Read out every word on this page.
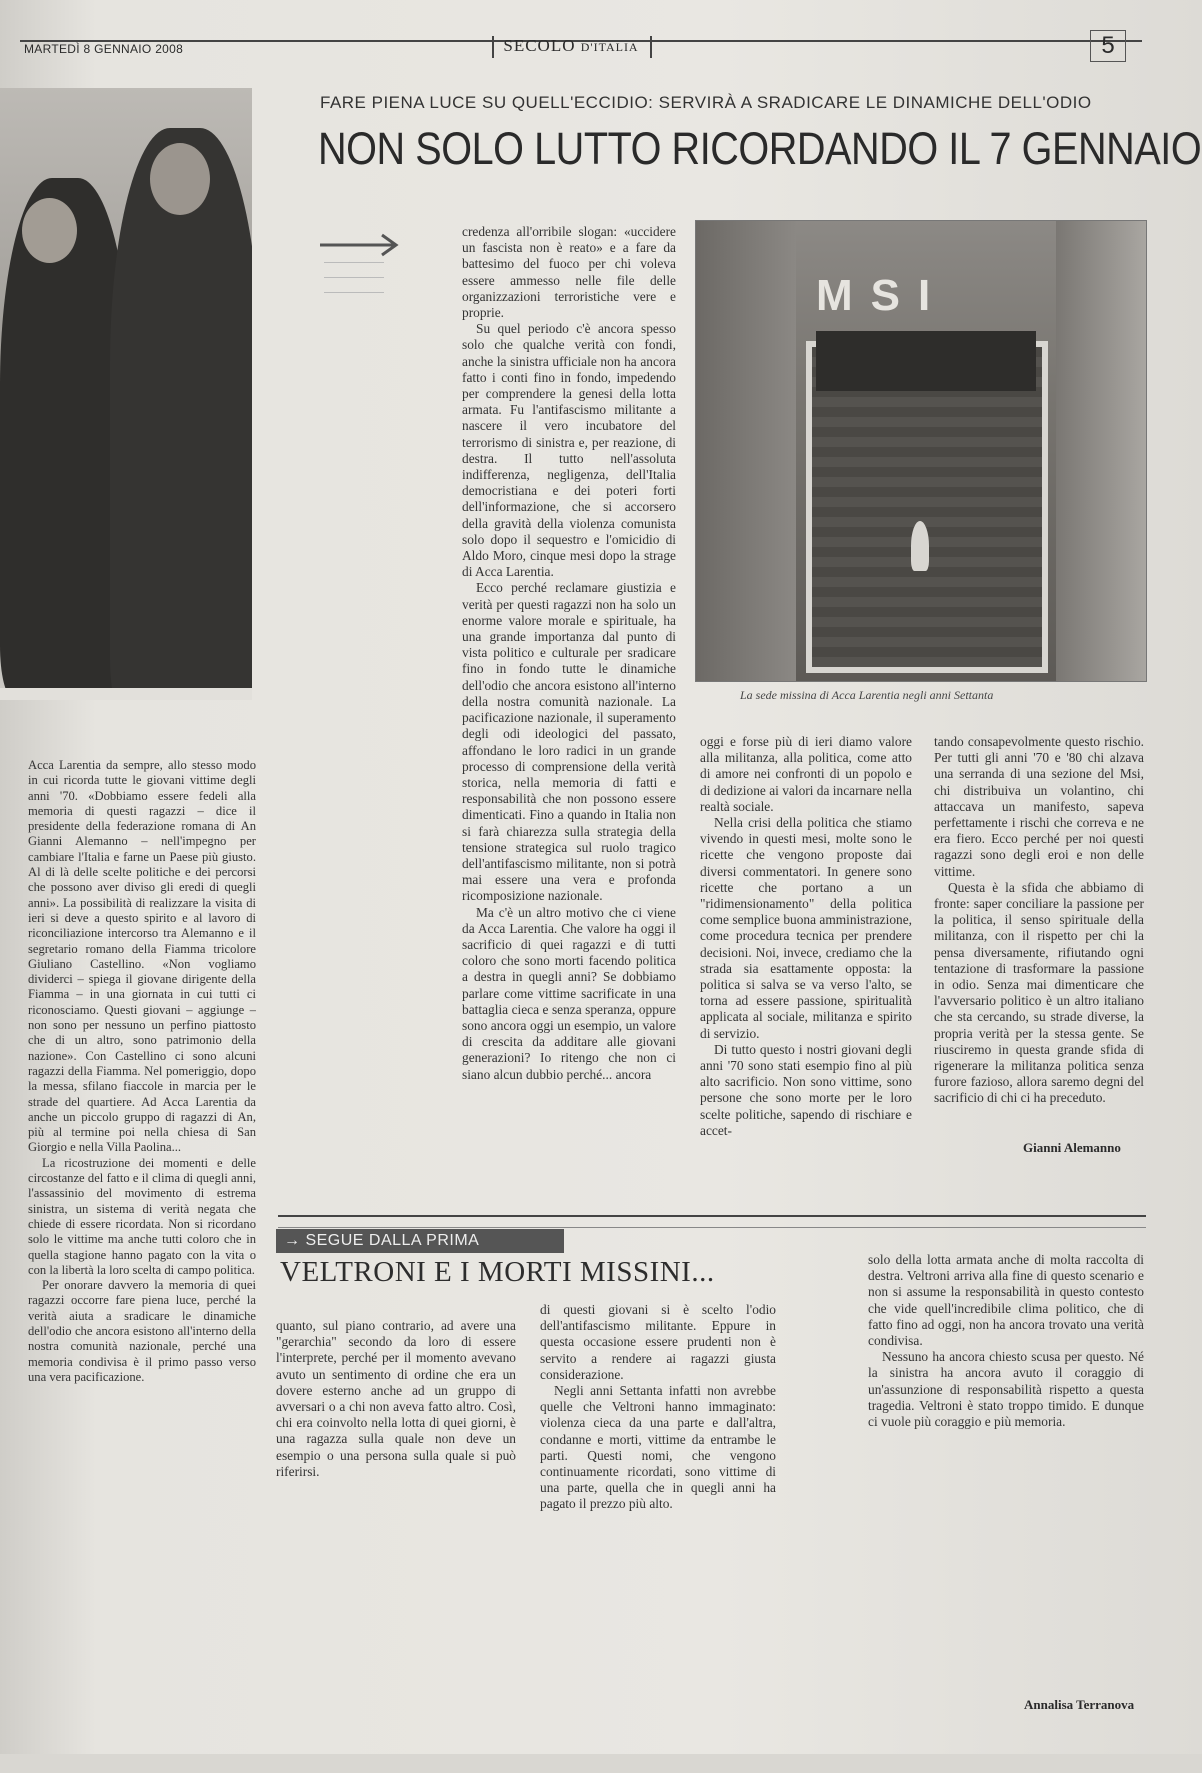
MARTEDÌ 8 GENNAIO 2008	SECOLO D'ITALIA	5
FARE PIENA LUCE SU QUELL'ECCIDIO: SERVIRÀ A SRADICARE LE DINAMICHE DELL'ODIO
NON SOLO LUTTO RICORDANDO IL 7 GENNAIO
MSI
La sede missina di Acca Larentia negli anni Settanta

Acca Larentia da sempre, allo stesso modo in cui ricorda tutte le giovani vittime degli anni '70. «Dobbiamo essere fedeli alla memoria di questi ragazzi – dice il presidente della federazione romana di An Gianni Alemanno – nell'impegno per cambiare l'Italia e farne un Paese più giusto. Al di là delle scelte politiche e dei percorsi che possono aver diviso gli eredi di quegli anni». La possibilità di realizzare la visita di ieri si deve a questo spirito e al lavoro di riconciliazione intercorso tra Alemanno e il segretario romano della Fiamma tricolore Giuliano Castellino. «Non vogliamo dividerci – spiega il giovane dirigente della Fiamma – in una giornata in cui tutti ci riconosciamo. Questi giovani – aggiunge – non sono per nessuno un perfino piattosto che di un altro, sono patrimonio della nazione». Con Castellino ci sono alcuni ragazzi della Fiamma. Nel pomeriggio, dopo la messa, sfilano fiaccole in marcia per le strade del quartiere. Ad Acca Larentia da anche un piccolo gruppo di ragazzi di An, più al termine poi nella chiesa di San Giorgio e nella Villa Paolina...

La ricostruzione dei momenti e delle circostanze del fatto e il clima di quegli anni, l'assassinio del movimento di estrema sinistra, un sistema di verità negata che chiede di essere ricordata. Non si ricordano solo le vittime ma anche tutti coloro che in quella stagione hanno pagato con la vita o con la libertà la loro scelta di campo politica.

Per onorare davvero la memoria di quei ragazzi occorre fare piena luce, perché la verità aiuta a sradicare le dinamiche dell'odio che ancora esistono all'interno della nostra comunità nazionale, perché una memoria condivisa è il primo passo verso una vera pacificazione.

credenza all'orribile slogan: «uccidere un fascista non è reato» e a fare da battesimo del fuoco per chi voleva essere ammesso nelle file delle organizzazioni terroristiche vere e proprie.

Su quel periodo c'è ancora spesso solo che qualche verità con fondi, anche la sinistra ufficiale non ha ancora fatto i conti fino in fondo, impedendo per comprendere la genesi della lotta armata. Fu l'antifascismo militante a nascere il vero incubatore del terrorismo di sinistra e, per reazione, di destra. Il tutto nell'assoluta indifferenza, negligenza, dell'Italia democristiana e dei poteri forti dell'informazione, che si accorsero della gravità della violenza comunista solo dopo il sequestro e l'omicidio di Aldo Moro, cinque mesi dopo la strage di Acca Larentia.

Ecco perché reclamare giustizia e verità per questi ragazzi non ha solo un enorme valore morale e spirituale, ha una grande importanza dal punto di vista politico e culturale per sradicare fino in fondo tutte le dinamiche dell'odio che ancora esistono all'interno della nostra comunità nazionale. La pacificazione nazionale, il superamento degli odi ideologici del passato, affondano le loro radici in un grande processo di comprensione della verità storica, nella memoria di fatti e responsabilità che non possono essere dimenticati. Fino a quando in Italia non si farà chiarezza sulla strategia della tensione strategica sul ruolo tragico dell'antifascismo militante, non si potrà mai essere una vera e profonda ricomposizione nazionale.

Ma c'è un altro motivo che ci viene da Acca Larentia. Che valore ha oggi il sacrificio di quei ragazzi e di tutti coloro che sono morti facendo politica a destra in quegli anni? Se dobbiamo parlare come vittime sacrificate in una battaglia cieca e senza speranza, oppure sono ancora oggi un esempio, un valore di crescita da additare alle giovani generazioni? Io ritengo che non ci siano alcun dubbio perché... ancora

oggi e forse più di ieri diamo valore alla militanza, alla politica, come atto di amore nei confronti di un popolo e di dedizione ai valori da incarnare nella realtà sociale.

Nella crisi della politica che stiamo vivendo in questi mesi, molte sono le ricette che vengono proposte dai diversi commentatori. In genere sono ricette che portano a un "ridimensionamento" della politica come semplice buona amministrazione, come procedura tecnica per prendere decisioni. Noi, invece, crediamo che la strada sia esattamente opposta: la politica si salva se va verso l'alto, se torna ad essere passione, spiritualità applicata al sociale, militanza e spirito di servizio.

Di tutto questo i nostri giovani degli anni '70 sono stati esempio fino al più alto sacrificio. Non sono vittime, sono persone che sono morte per le loro scelte politiche, sapendo di rischiare e accet-

tando consapevolmente questo rischio. Per tutti gli anni '70 e '80 chi alzava una serranda di una sezione del Msi, chi distribuiva un volantino, chi attaccava un manifesto, sapeva perfettamente i rischi che correva e ne era fiero. Ecco perché per noi questi ragazzi sono degli eroi e non delle vittime.

Questa è la sfida che abbiamo di fronte: saper conciliare la passione per la politica, il senso spirituale della militanza, con il rispetto per chi la pensa diversamente, rifiutando ogni tentazione di trasformare la passione in odio. Senza mai dimenticare che l'avversario politico è un altro italiano che sta cercando, su strade diverse, la propria verità per la stessa gente. Se riusciremo in questa grande sfida di rigenerare la militanza politica senza furore fazioso, allora saremo degni del sacrificio di chi ci ha preceduto.

Gianni Alemanno
→ SEGUE DALLA PRIMA
VELTRONI E I MORTI MISSINI...

quanto, sul piano contrario, ad avere una "gerarchia" secondo da loro di essere l'interprete, perché per il momento avevano avuto un sentimento di ordine che era un dovere esterno anche ad un gruppo di avversari o a chi non aveva fatto altro. Così, chi era coinvolto nella lotta di quei giorni, è una ragazza sulla quale non deve un esempio o una persona sulla quale si può riferirsi.

di questi giovani si è scelto l'odio dell'antifascismo militante. Eppure in questa occasione essere prudenti non è servito a rendere ai ragazzi giusta considerazione.

Negli anni Settanta infatti non avrebbe quelle che Veltroni hanno immaginato: violenza cieca da una parte e dall'altra, condanne e morti, vittime da entrambe le parti. Questi nomi, che vengono continuamente ricordati, sono vittime di una parte, quella che in quegli anni ha pagato il prezzo più alto.

solo della lotta armata anche di molta raccolta di destra. Veltroni arriva alla fine di questo scenario e non si assume la responsabilità in questo contesto che vide quell'incredibile clima politico, che di fatto fino ad oggi, non ha ancora trovato una verità condivisa.

Nessuno ha ancora chiesto scusa per questo. Né la sinistra ha ancora avuto il coraggio di un'assunzione di responsabilità rispetto a questa tragedia. Veltroni è stato troppo timido. E dunque ci vuole più coraggio e più memoria.

Annalisa Terranova
